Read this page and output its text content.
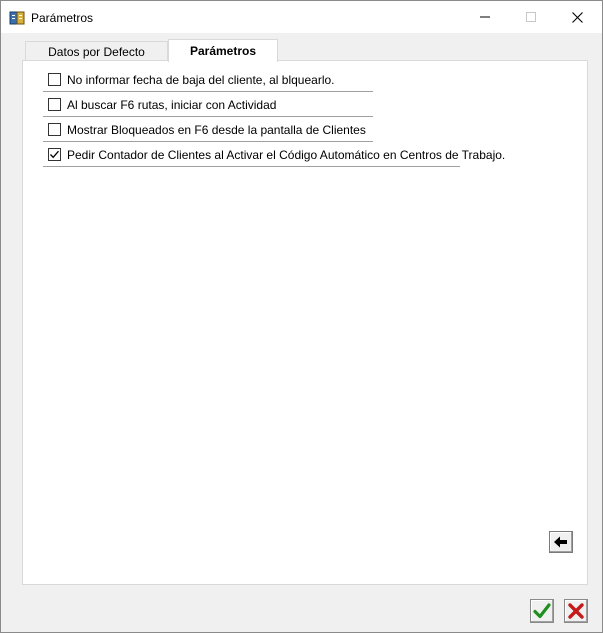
Parámetros
Datos por Defecto	Parámetros
No informar fecha de baja del cliente, al blquearlo.
Al buscar F6 rutas, iniciar con Actividad
Mostrar Bloqueados en F6 desde la pantalla de Clientes
Pedir Contador de Clientes al Activar el Código Automático en Centros de Trabajo.
